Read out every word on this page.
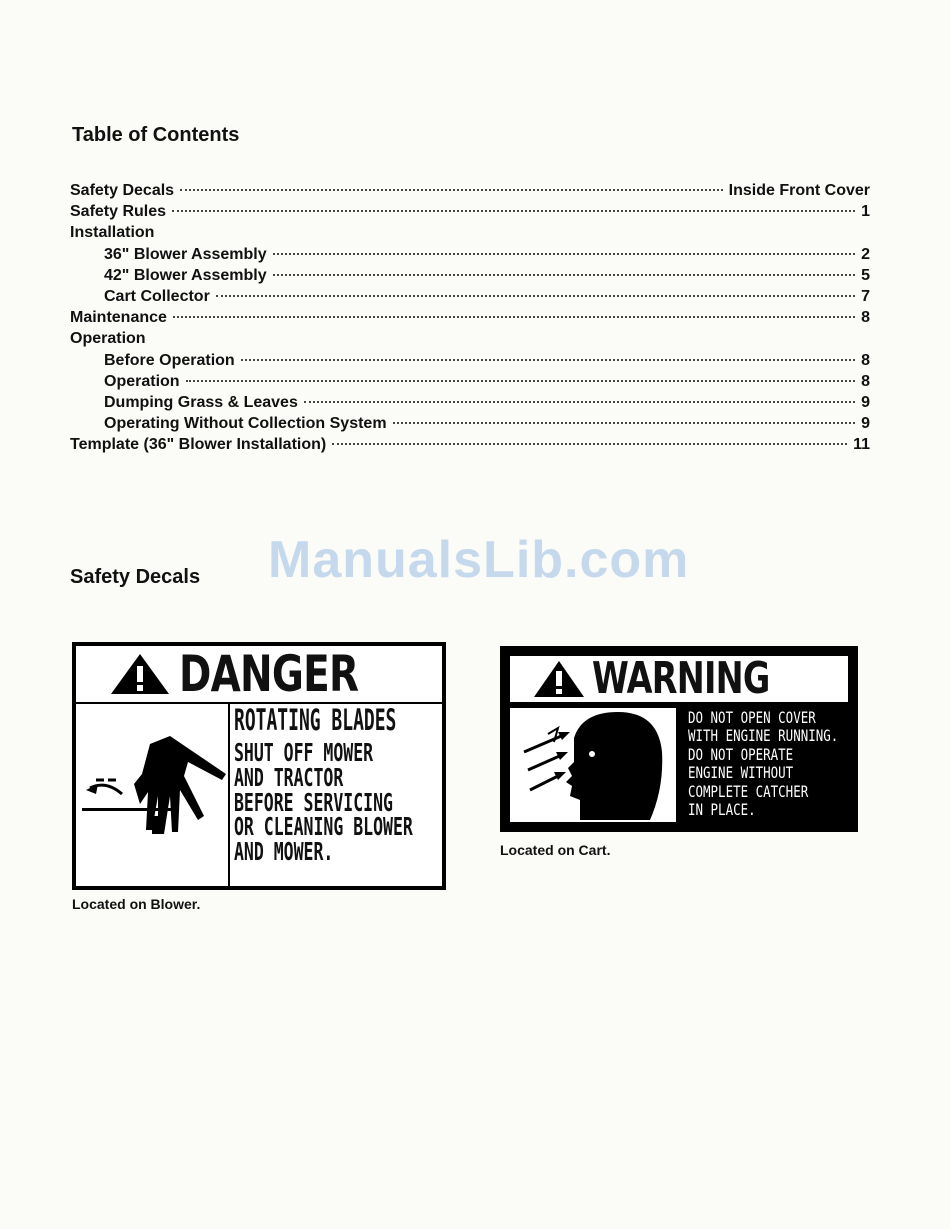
Table of Contents
Safety Decals	Inside Front Cover
Safety Rules	1
Installation
36" Blower Assembly	2
42" Blower Assembly	5
Cart Collector	7
Maintenance	8
Operation
Before Operation	8
Operation	8
Dumping Grass & Leaves	9
Operating Without Collection System	9
Template (36" Blower Installation)	11
ManualsLib.com
Safety Decals
DANGER
ROTATING BLADES
SHUT OFF MOWER
AND TRACTOR
BEFORE SERVICING
OR CLEANING BLOWER
AND MOWER.
Located on Blower.
WARNING
DO NOT OPEN COVER
WITH ENGINE RUNNING.
DO NOT OPERATE
ENGINE WITHOUT
COMPLETE CATCHER
IN PLACE.
Located on Cart.
